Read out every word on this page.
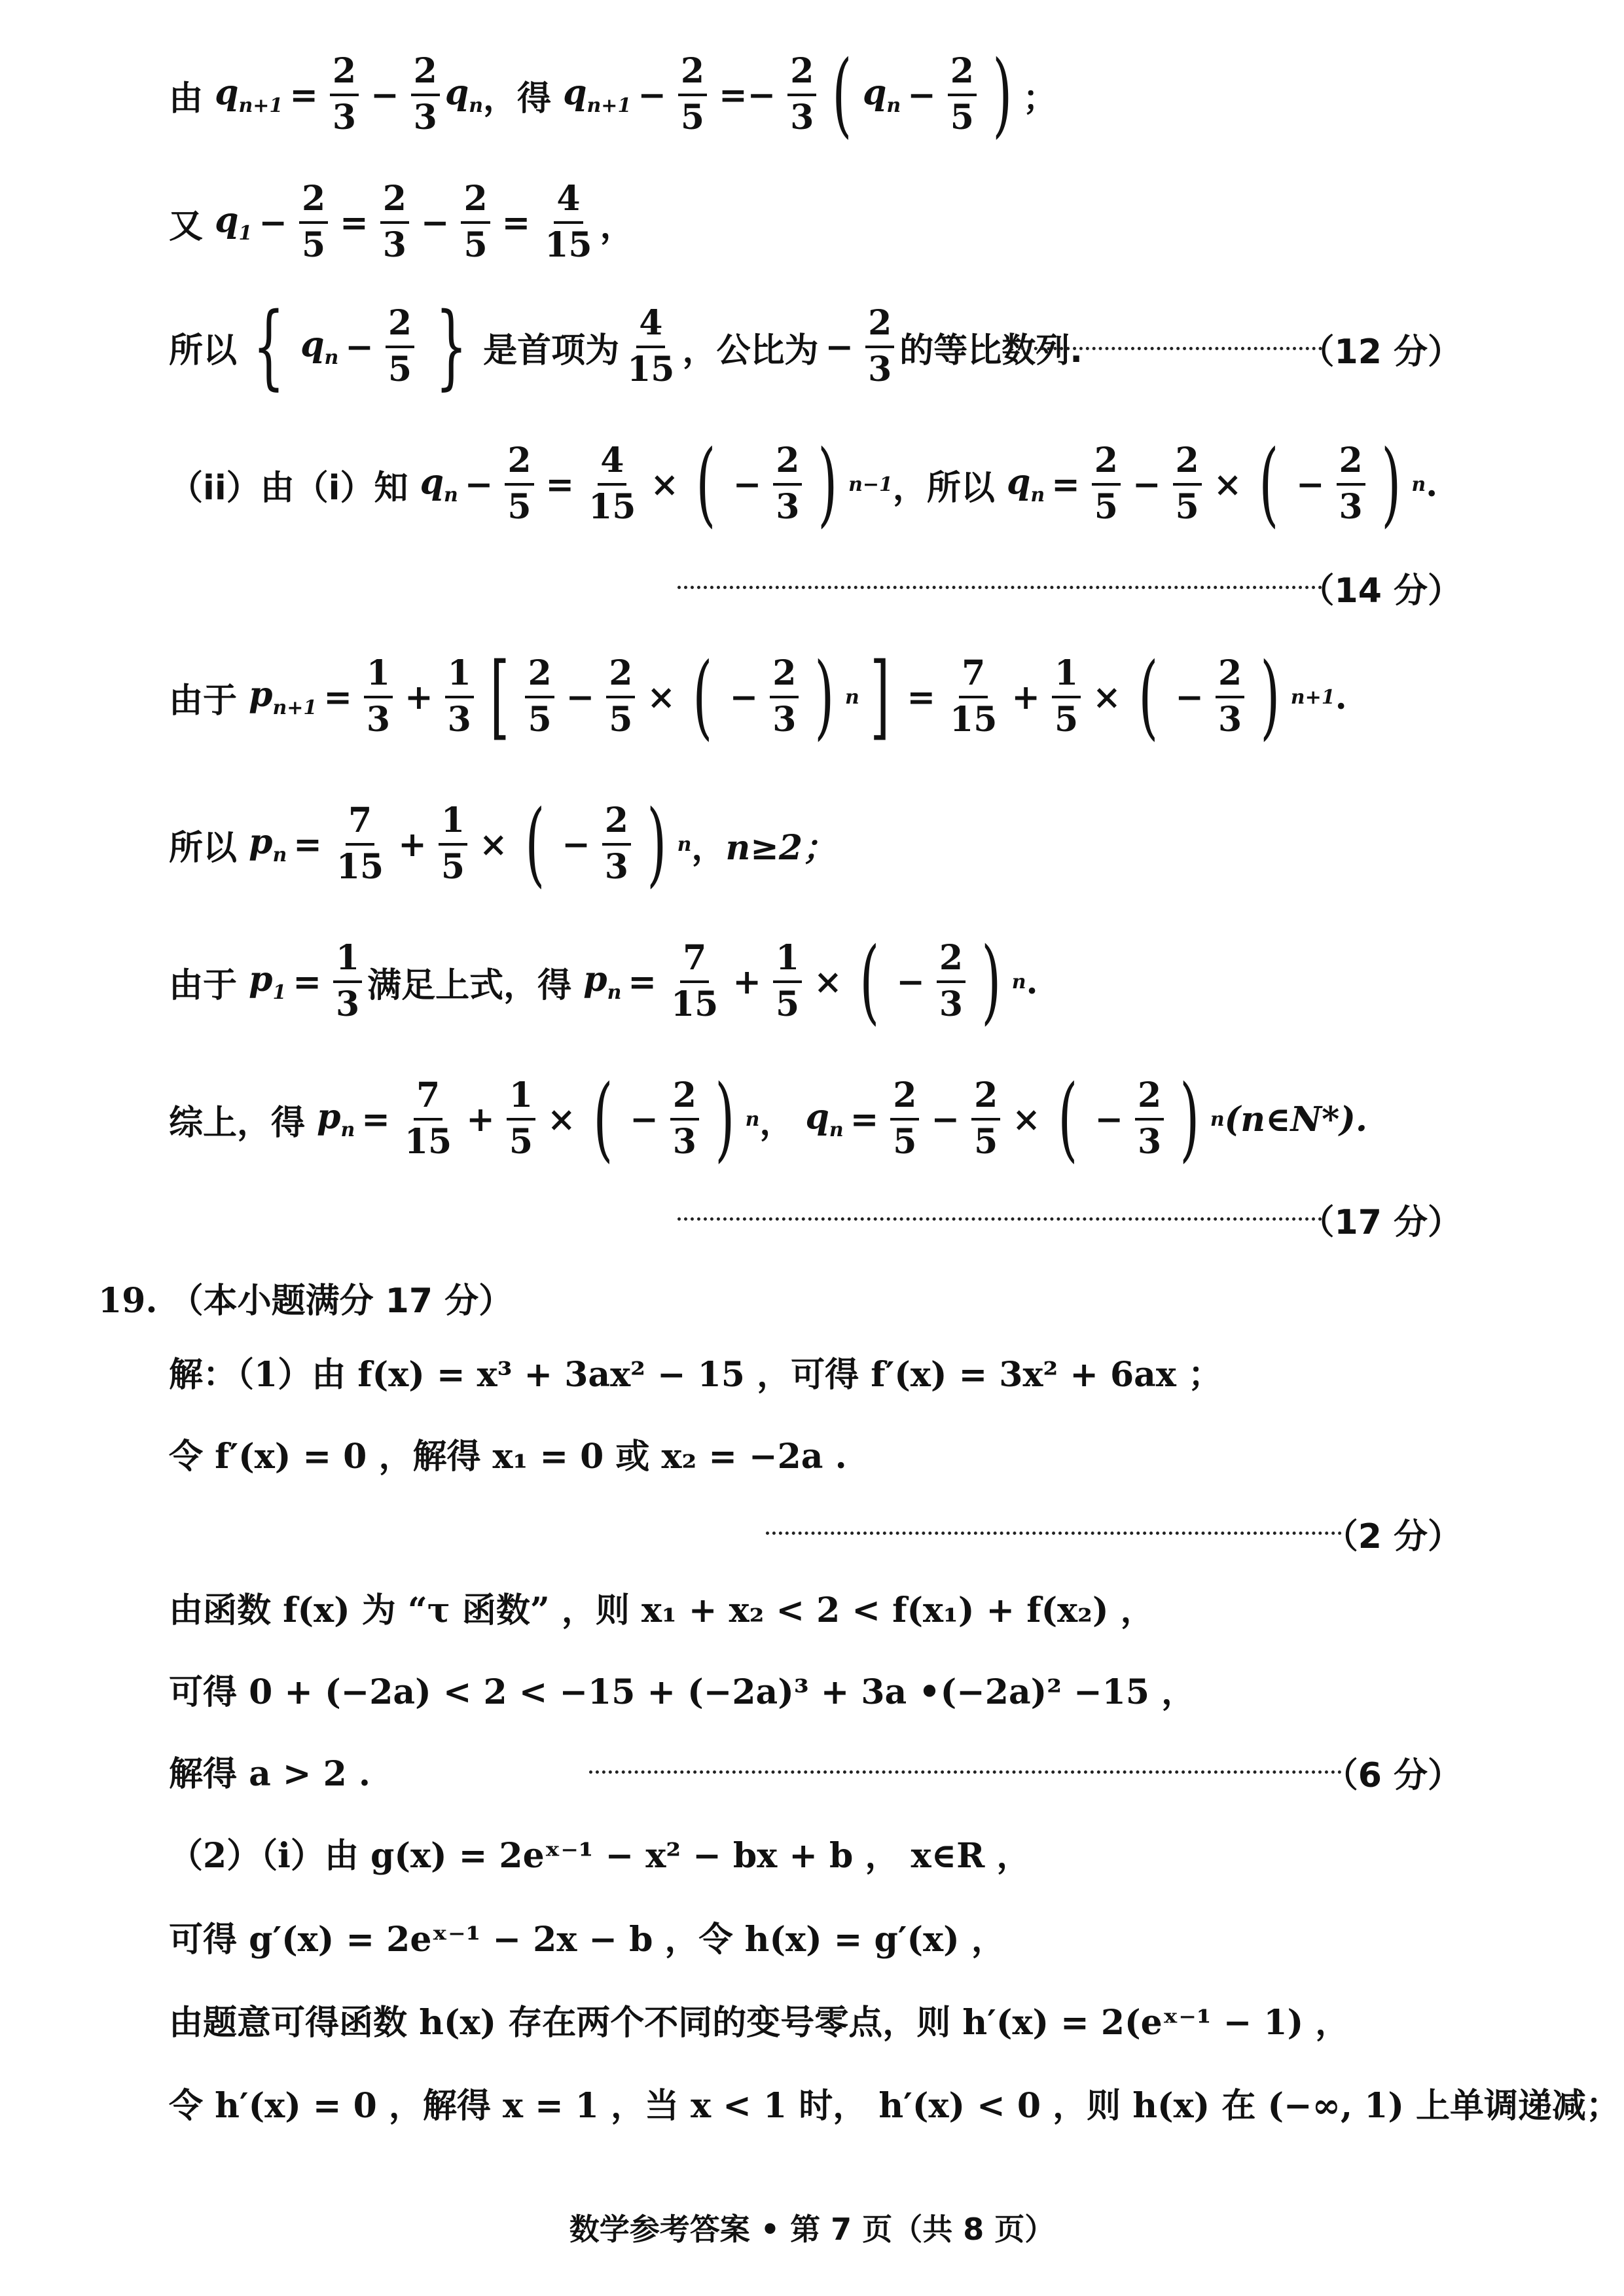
由 $q_{n+1} = \frac{2}{3} - \frac{2}{3} q_n$ ，得 $q_{n+1} - \frac{2}{5} =- \frac{2}{3}$ ( $q_n - \frac{2}{5}$ ) ；
又 $q_1 - \frac{2}{5} = \frac{2}{3} - \frac{2}{5} = \frac{4}{15}$ ，
所以 { $q_n - \frac{2}{5}$ } 是首项为
4
15 ，公比为 − $\frac{2}{3}$ 的等比数列.	（12 分）
（ii）由（i）知 $q_n - \frac{2}{5} = \frac{4}{15}$ × ( − $\frac{2}{3}$ ) n−1 ，所以 $q_n = \frac{2}{5} - \frac{2}{5}$ × ( − $\frac{2}{3}$ ) n .
（14 分）
由于 $p_{n+1} = \frac{1}{3} + \frac{1}{3}$ [ 2
5
− $\frac{2}{5}$ × ( − $\frac{2}{3}$ ) n ] = $\frac{7}{15} + \frac{1}{5}$ × ( − $\frac{2}{3}$ ) n+1 .
所以 $p_n = \frac{7}{15} + \frac{1}{5}$ × ( − $\frac{2}{3}$ ) n ， n≥2；
由于 $p_1 = \frac{1}{3}$ 满足上式，得 $p_n = \frac{7}{15} + \frac{1}{5}$ × ( − $\frac{2}{3}$ ) n .
综上，得 $p_n = \frac{7}{15} + \frac{1}{5}$ × ( − $\frac{2}{3}$ ) n ， $q_n = \frac{2}{5} - \frac{2}{5}$ × ( − $\frac{2}{3}$ ) n (n∈N*).
（17 分）
19. （本小题满分 17 分）
解：（1）由 f(x) = x³ + 3ax² − 15 ，可得 f′(x) = 3x² + 6ax ；
令 f′(x) = 0 ，解得 x₁ = 0 或 x₂ = −2a .
（2 分）
由函数 f(x) 为 “τ 函数” ，则 x₁ + x₂ < 2 < f(x₁) + f(x₂) ，
可得 0 + (−2a) < 2 < −15 + (−2a)³ + 3a •(−2a)² −15 ，
解得 a > 2 .	（6 分）
（2）（i）由 g(x) = 2eˣ⁻¹ − x² − bx + b ， x∈R ，
可得 g′(x) = 2eˣ⁻¹ − 2x − b ，令 h(x) = g′(x) ，
由题意可得函数 h(x) 存在两个不同的变号零点，则 h′(x) = 2(eˣ⁻¹ − 1) ，
令 h′(x) = 0 ，解得 x = 1 ，当 x < 1 时， h′(x) < 0 ，则 h(x) 在 (−∞, 1) 上单调递减；
数学参考答案 • 第 7 页（共 8 页）
